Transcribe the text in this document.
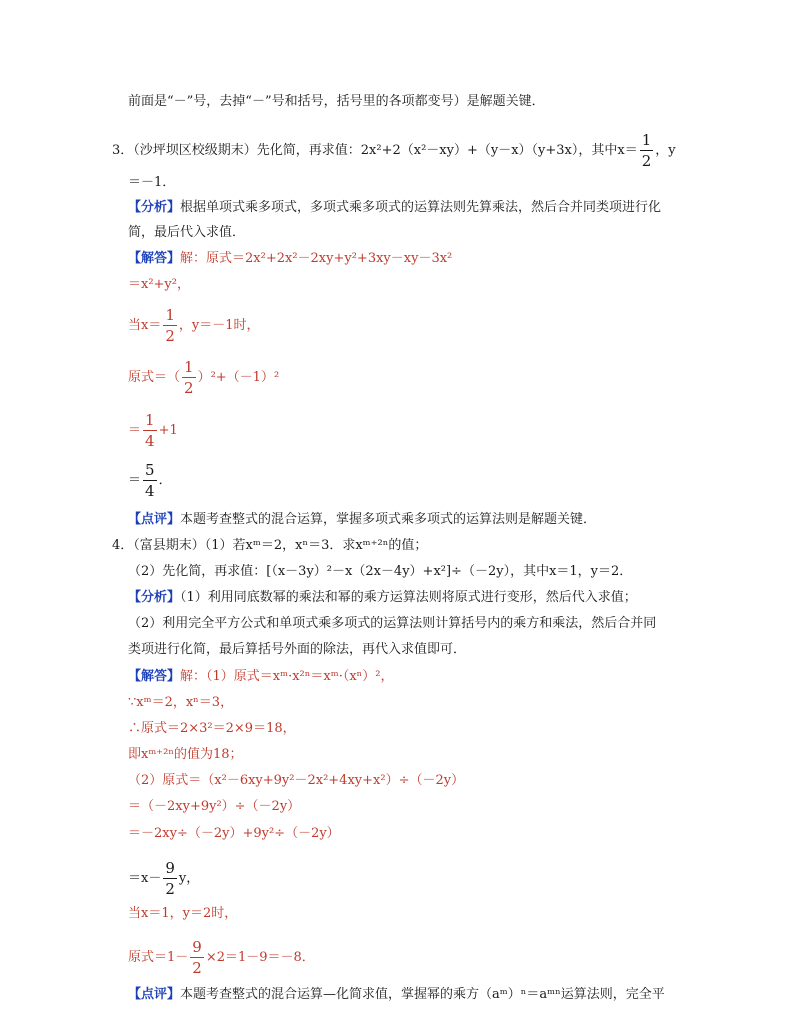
前面是“－”号，去掉“－”号和括号，括号里的各项都变号）是解题关键．
3．（沙坪坝区校级期末）先化简，再求值：2x²+2（x²－xy）+（y－x）（y+3x），其中$x= \frac{1}{2}$ ，y
＝－1．
【分析】根据单项式乘多项式，多项式乘多项式的运算法则先算乘法，然后合并同类项进行化
简，最后代入求值．
【解答】解：原式＝2x²+2x²－2xy+y²+3xy－xy－3x²
＝x²+y²，
当$x= \frac{1}{2}$ ，y＝－1时，
原式＝（ $\frac{1}{2} )^2+(-1)^2$
＝ $\frac{1}{4} +1$
＝ $\frac{5}{4}$ ．
【点评】本题考查整式的混合运算，掌握多项式乘多项式的运算法则是解题关键．
4．（富县期末）（1）若xᵐ＝2，xⁿ＝3．求xᵐ⁺²ⁿ的值；
（2）先化简，再求值：[（x－3y）²－x（2x－4y）+x²]÷（－2y），其中x＝1，y＝2．
【分析】（1）利用同底数幂的乘法和幂的乘方运算法则将原式进行变形，然后代入求值；
（2）利用完全平方公式和单项式乘多项式的运算法则计算括号内的乘方和乘法，然后合并同
类项进行化简，最后算括号外面的除法，再代入求值即可．
【解答】解：（1）原式＝xᵐ·x²ⁿ＝xᵐ·（xⁿ）²，
∵xᵐ＝2，xⁿ＝3，
∴原式＝2×3²＝2×9＝18，
即xᵐ⁺²ⁿ的值为18；
（2）原式＝（x²－6xy+9y²－2x²+4xy+x²）÷（－2y）
＝（－2xy+9y²）÷（－2y）
＝－2xy÷（－2y）+9y²÷（－2y）
$=x- \frac{9}{2}$ y，
当x＝1，y＝2时，
原式$=1- \frac{9}{2} \times 2=1-9=-8$．
【点评】本题考查整式的混合运算—化简求值，掌握幂的乘方（aᵐ）ⁿ＝aᵐⁿ运算法则，完全平
